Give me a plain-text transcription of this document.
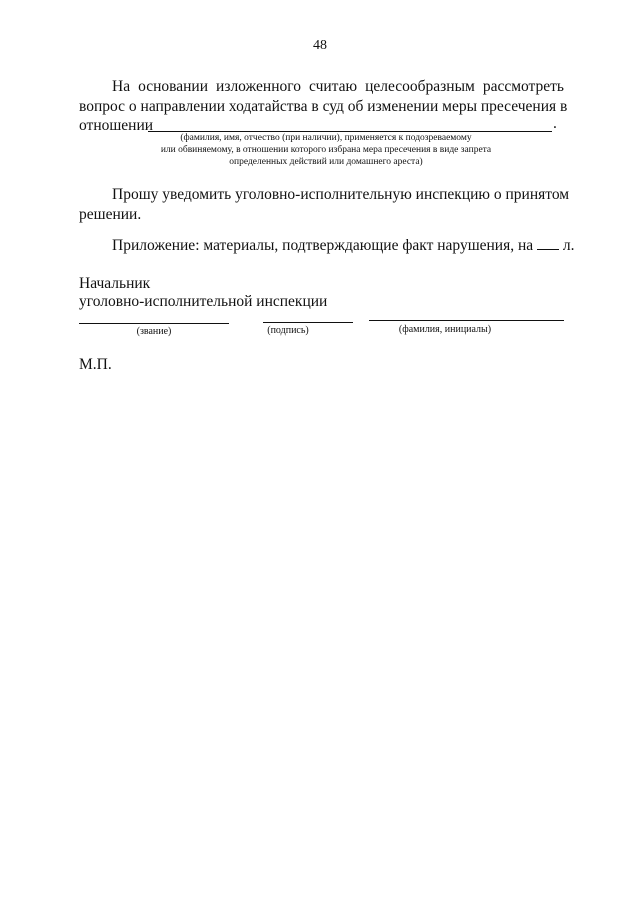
48
На основании изложенного считаю целесообразным рассмотреть
вопрос о направлении ходатайства в суд об изменении меры пресечения в
отношении	.
(фамилия, имя, отчество (при наличии), применяется к подозреваемому
или обвиняемому, в отношении которого избрана мера пресечения в виде запрета
определенных действий или домашнего ареста)
Прошу уведомить уголовно-исполнительную инспекцию о принятом
решении.
Приложение: материалы, подтверждающие факт нарушения, на л.
Начальник
уголовно-исполнительной инспекции
(звание)	(подпись)	(фамилия, инициалы)
М.П.
